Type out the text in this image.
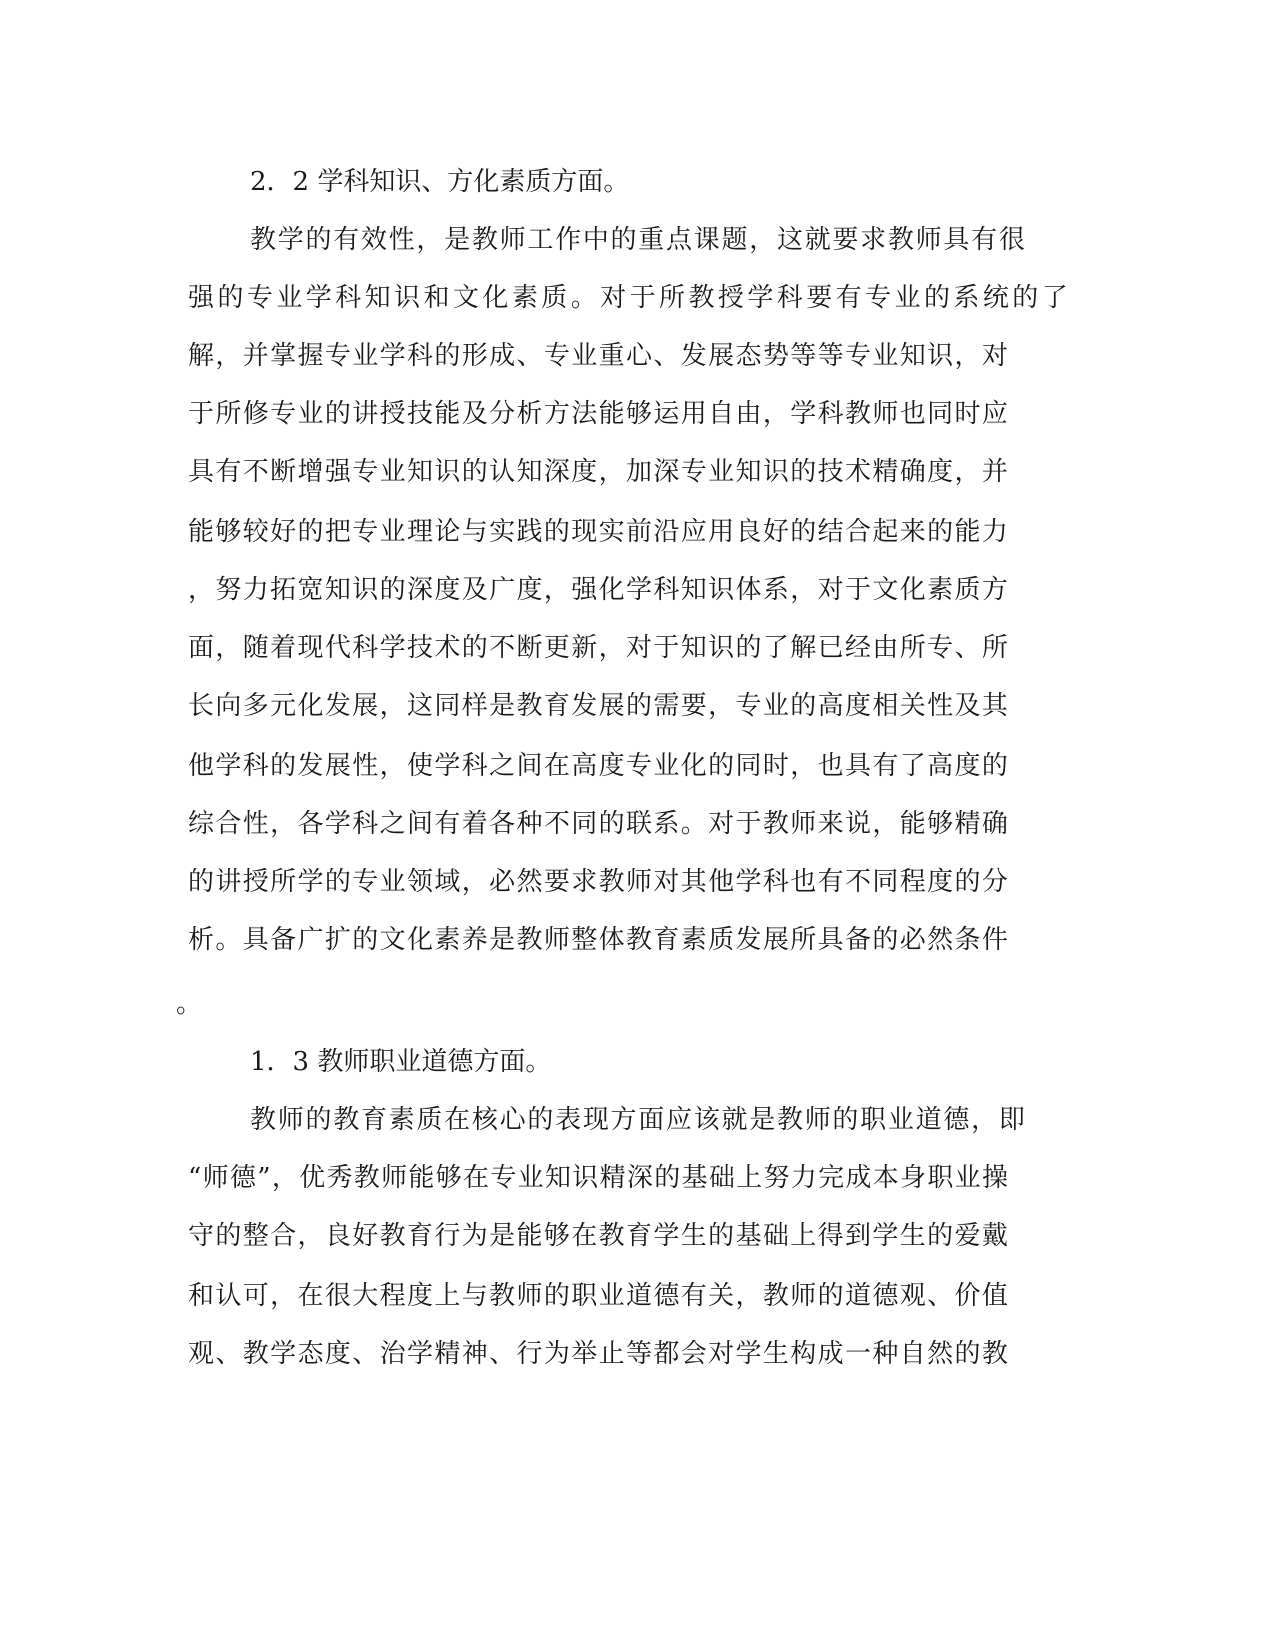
2．2 学科知识、方化素质方面。
教 学 的 有 效 性 ， 是 教 师 工 作 中 的 重 点 课 题 ， 这 就 要 求 教 师 具 有 很
强 的 专 业 学 科 知 识 和 文 化 素 质 。 对 于 所 教 授 学 科 要 有 专 业 的 系 统 的 了
解 ， 并 掌 握 专 业 学 科 的 形 成 、 专 业 重 心 、 发 展 态 势 等 等 专 业 知 识 ， 对
于 所 修 专 业 的 讲 授 技 能 及 分 析 方 法 能 够 运 用 自 由 ， 学 科 教 师 也 同 时 应
具 有 不 断 增 强 专 业 知 识 的 认 知 深 度 ， 加 深 专 业 知 识 的 技 术 精 确 度 ， 并
能 够 较 好 的 把 专 业 理 论 与 实 践 的 现 实 前 沿 应 用 良 好 的 结 合 起 来 的 能 力
， 努 力 拓 宽 知 识 的 深 度 及 广 度 ， 强 化 学 科 知 识 体 系 ， 对 于 文 化 素 质 方
面 ， 随 着 现 代 科 学 技 术 的 不 断 更 新 ， 对 于 知 识 的 了 解 已 经 由 所 专 、 所
长 向 多 元 化 发 展 ， 这 同 样 是 教 育 发 展 的 需 要 ， 专 业 的 高 度 相 关 性 及 其
他 学 科 的 发 展 性 ， 使 学 科 之 间 在 高 度 专 业 化 的 同 时 ， 也 具 有 了 高 度 的
综 合 性 ， 各 学 科 之 间 有 着 各 种 不 同 的 联 系 。 对 于 教 师 来 说 ， 能 够 精 确
的 讲 授 所 学 的 专 业 领 域 ， 必 然 要 求 教 师 对 其 他 学 科 也 有 不 同 程 度 的 分
析 。 具 备 广 扩 的 文 化 素 养 是 教 师 整 体 教 育 素 质 发 展 所 具 备 的 必 然 条 件
。
1．3 教师职业道德方面。
教 师 的 教 育 素 质 在 核 心 的 表 现 方 面 应 该 就 是 教 师 的 职 业 道 德 ， 即
“ 师 德 ” ， 优 秀 教 师 能 够 在 专 业 知 识 精 深 的 基 础 上 努 力 完 成 本 身 职 业 操
守 的 整 合 ， 良 好 教 育 行 为 是 能 够 在 教 育 学 生 的 基 础 上 得 到 学 生 的 爱 戴
和 认 可 ， 在 很 大 程 度 上 与 教 师 的 职 业 道 德 有 关 ， 教 师 的 道 德 观 、 价 值
观 、 教 学 态 度 、 治 学 精 神 、 行 为 举 止 等 都 会 对 学 生 构 成 一 种 自 然 的 教
